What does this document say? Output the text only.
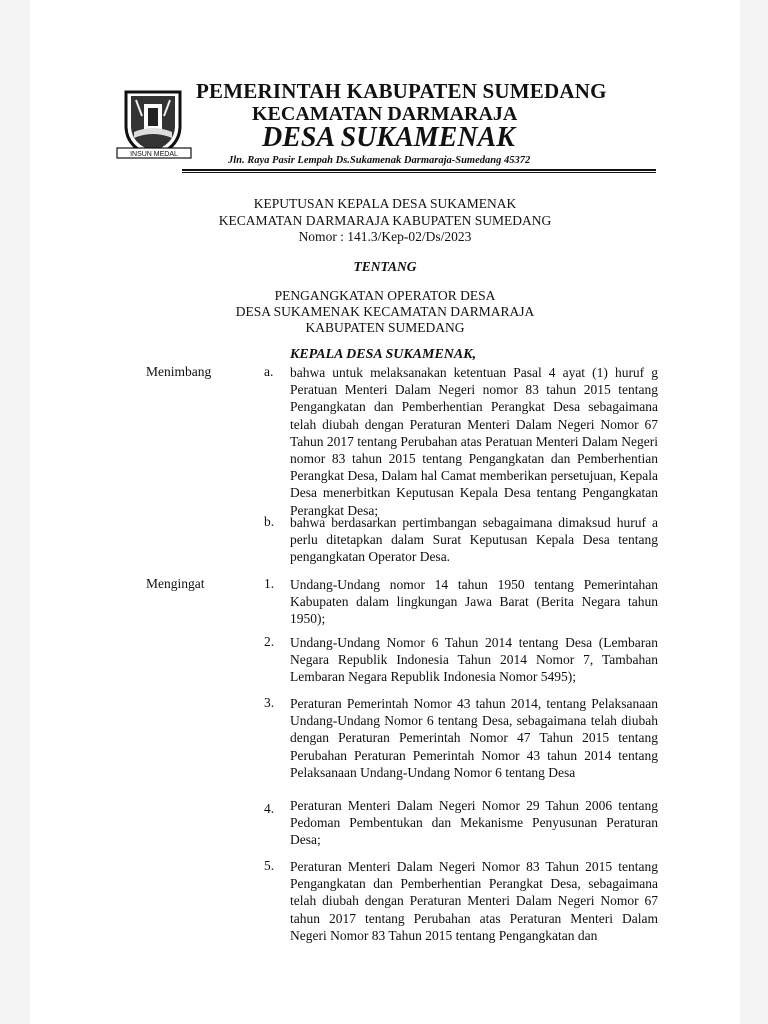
INSUN MEDAL
PEMERINTAH KABUPATEN SUMEDANG
KECAMATAN DARMARAJA
DESA SUKAMENAK
Jln. Raya Pasir Lempah Ds.Sukamenak Darmaraja-Sumedang 45372
KEPUTUSAN KEPALA DESA SUKAMENAK
KECAMATAN DARMARAJA KABUPATEN SUMEDANG
Nomor : 141.3/Kep-02/Ds/2023
TENTANG
PENGANGKATAN OPERATOR DESA
DESA SUKAMENAK KECAMATAN DARMARAJA
KABUPATEN SUMEDANG
KEPALA DESA SUKAMENAK,
Menimbang	a. bahwa untuk melaksanakan ketentuan Pasal 4 ayat (1) huruf g Peratuan Menteri Dalam Negeri nomor 83 tahun 2015 tentang Pengangkatan dan Pemberhentian Perangkat Desa sebagaimana telah diubah dengan Peraturan Menteri Dalam Negeri Nomor 67 Tahun 2017 tentang Perubahan atas Peratuan Menteri Dalam Negeri nomor 83 tahun 2015 tentang Pengangkatan dan Pemberhentian Perangkat Desa, Dalam hal Camat memberikan persetujuan, Kepala Desa menerbitkan Keputusan Kepala Desa tentang Pengangkatan Perangkat Desa;
b. bahwa berdasarkan pertimbangan sebagaimana dimaksud huruf a perlu ditetapkan dalam Surat Keputusan Kepala Desa tentang pengangkatan Operator Desa.
Mengingat	1. Undang-Undang nomor 14 tahun 1950 tentang Pemerintahan Kabupaten dalam lingkungan Jawa Barat (Berita Negara tahun 1950);
2. Undang-Undang Nomor 6 Tahun 2014 tentang Desa (Lembaran Negara Republik Indonesia Tahun 2014 Nomor 7, Tambahan Lembaran Negara Republik Indonesia Nomor 5495);
3. Peraturan Pemerintah Nomor 43 tahun 2014, tentang Pelaksanaan Undang-Undang Nomor 6 tentang Desa, sebagaimana telah diubah dengan Peraturan Pemerintah Nomor 47 Tahun 2015 tentang Perubahan Peraturan Pemerintah Nomor 43 tahun 2014 tentang Pelaksanaan Undang-Undang Nomor 6 tentang Desa
4. Peraturan Menteri Dalam Negeri Nomor 29 Tahun 2006 tentang Pedoman Pembentukan dan Mekanisme Penyusunan Peraturan Desa;
5. Peraturan Menteri Dalam Negeri Nomor 83 Tahun 2015 tentang Pengangkatan dan Pemberhentian Perangkat Desa, sebagaimana telah diubah dengan Peraturan Menteri Dalam Negeri Nomor 67 tahun 2017 tentang Perubahan atas Peraturan Menteri Dalam Negeri Nomor 83 Tahun 2015 tentang Pengangkatan dan
